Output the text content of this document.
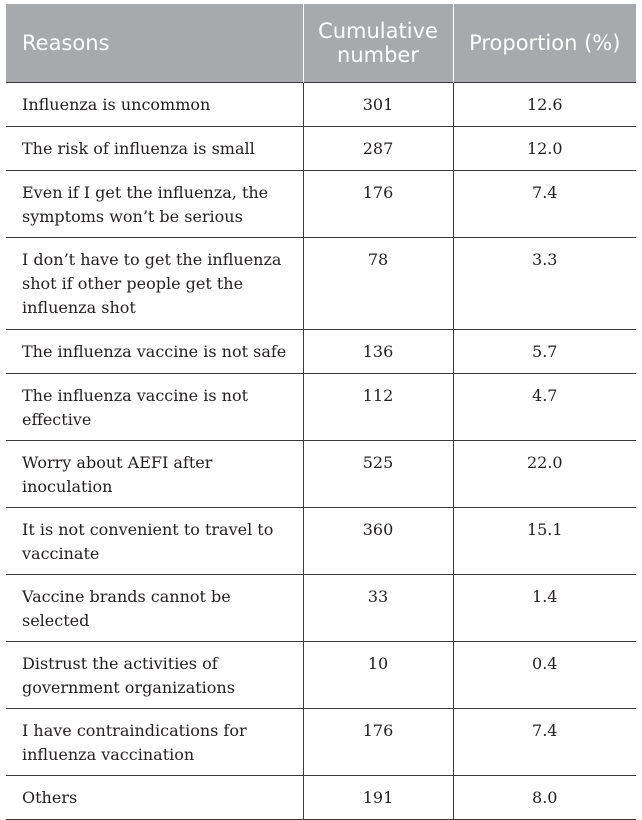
Reasons	Cumulative number	Proportion (%)
Influenza is uncommon	301	12.6
The risk of influenza is small	287	12.0
Even if I get the influenza, the symptoms won’t be serious	176	7.4
I don’t have to get the influenza shot if other people get the influenza shot	78	3.3
The influenza vaccine is not safe	136	5.7
The influenza vaccine is not effective	112	4.7
Worry about AEFI after inoculation	525	22.0
It is not convenient to travel to vaccinate	360	15.1
Vaccine brands cannot be selected	33	1.4
Distrust the activities of government organizations	10	0.4
I have contraindications for influenza vaccination	176	7.4
Others	191	8.0
